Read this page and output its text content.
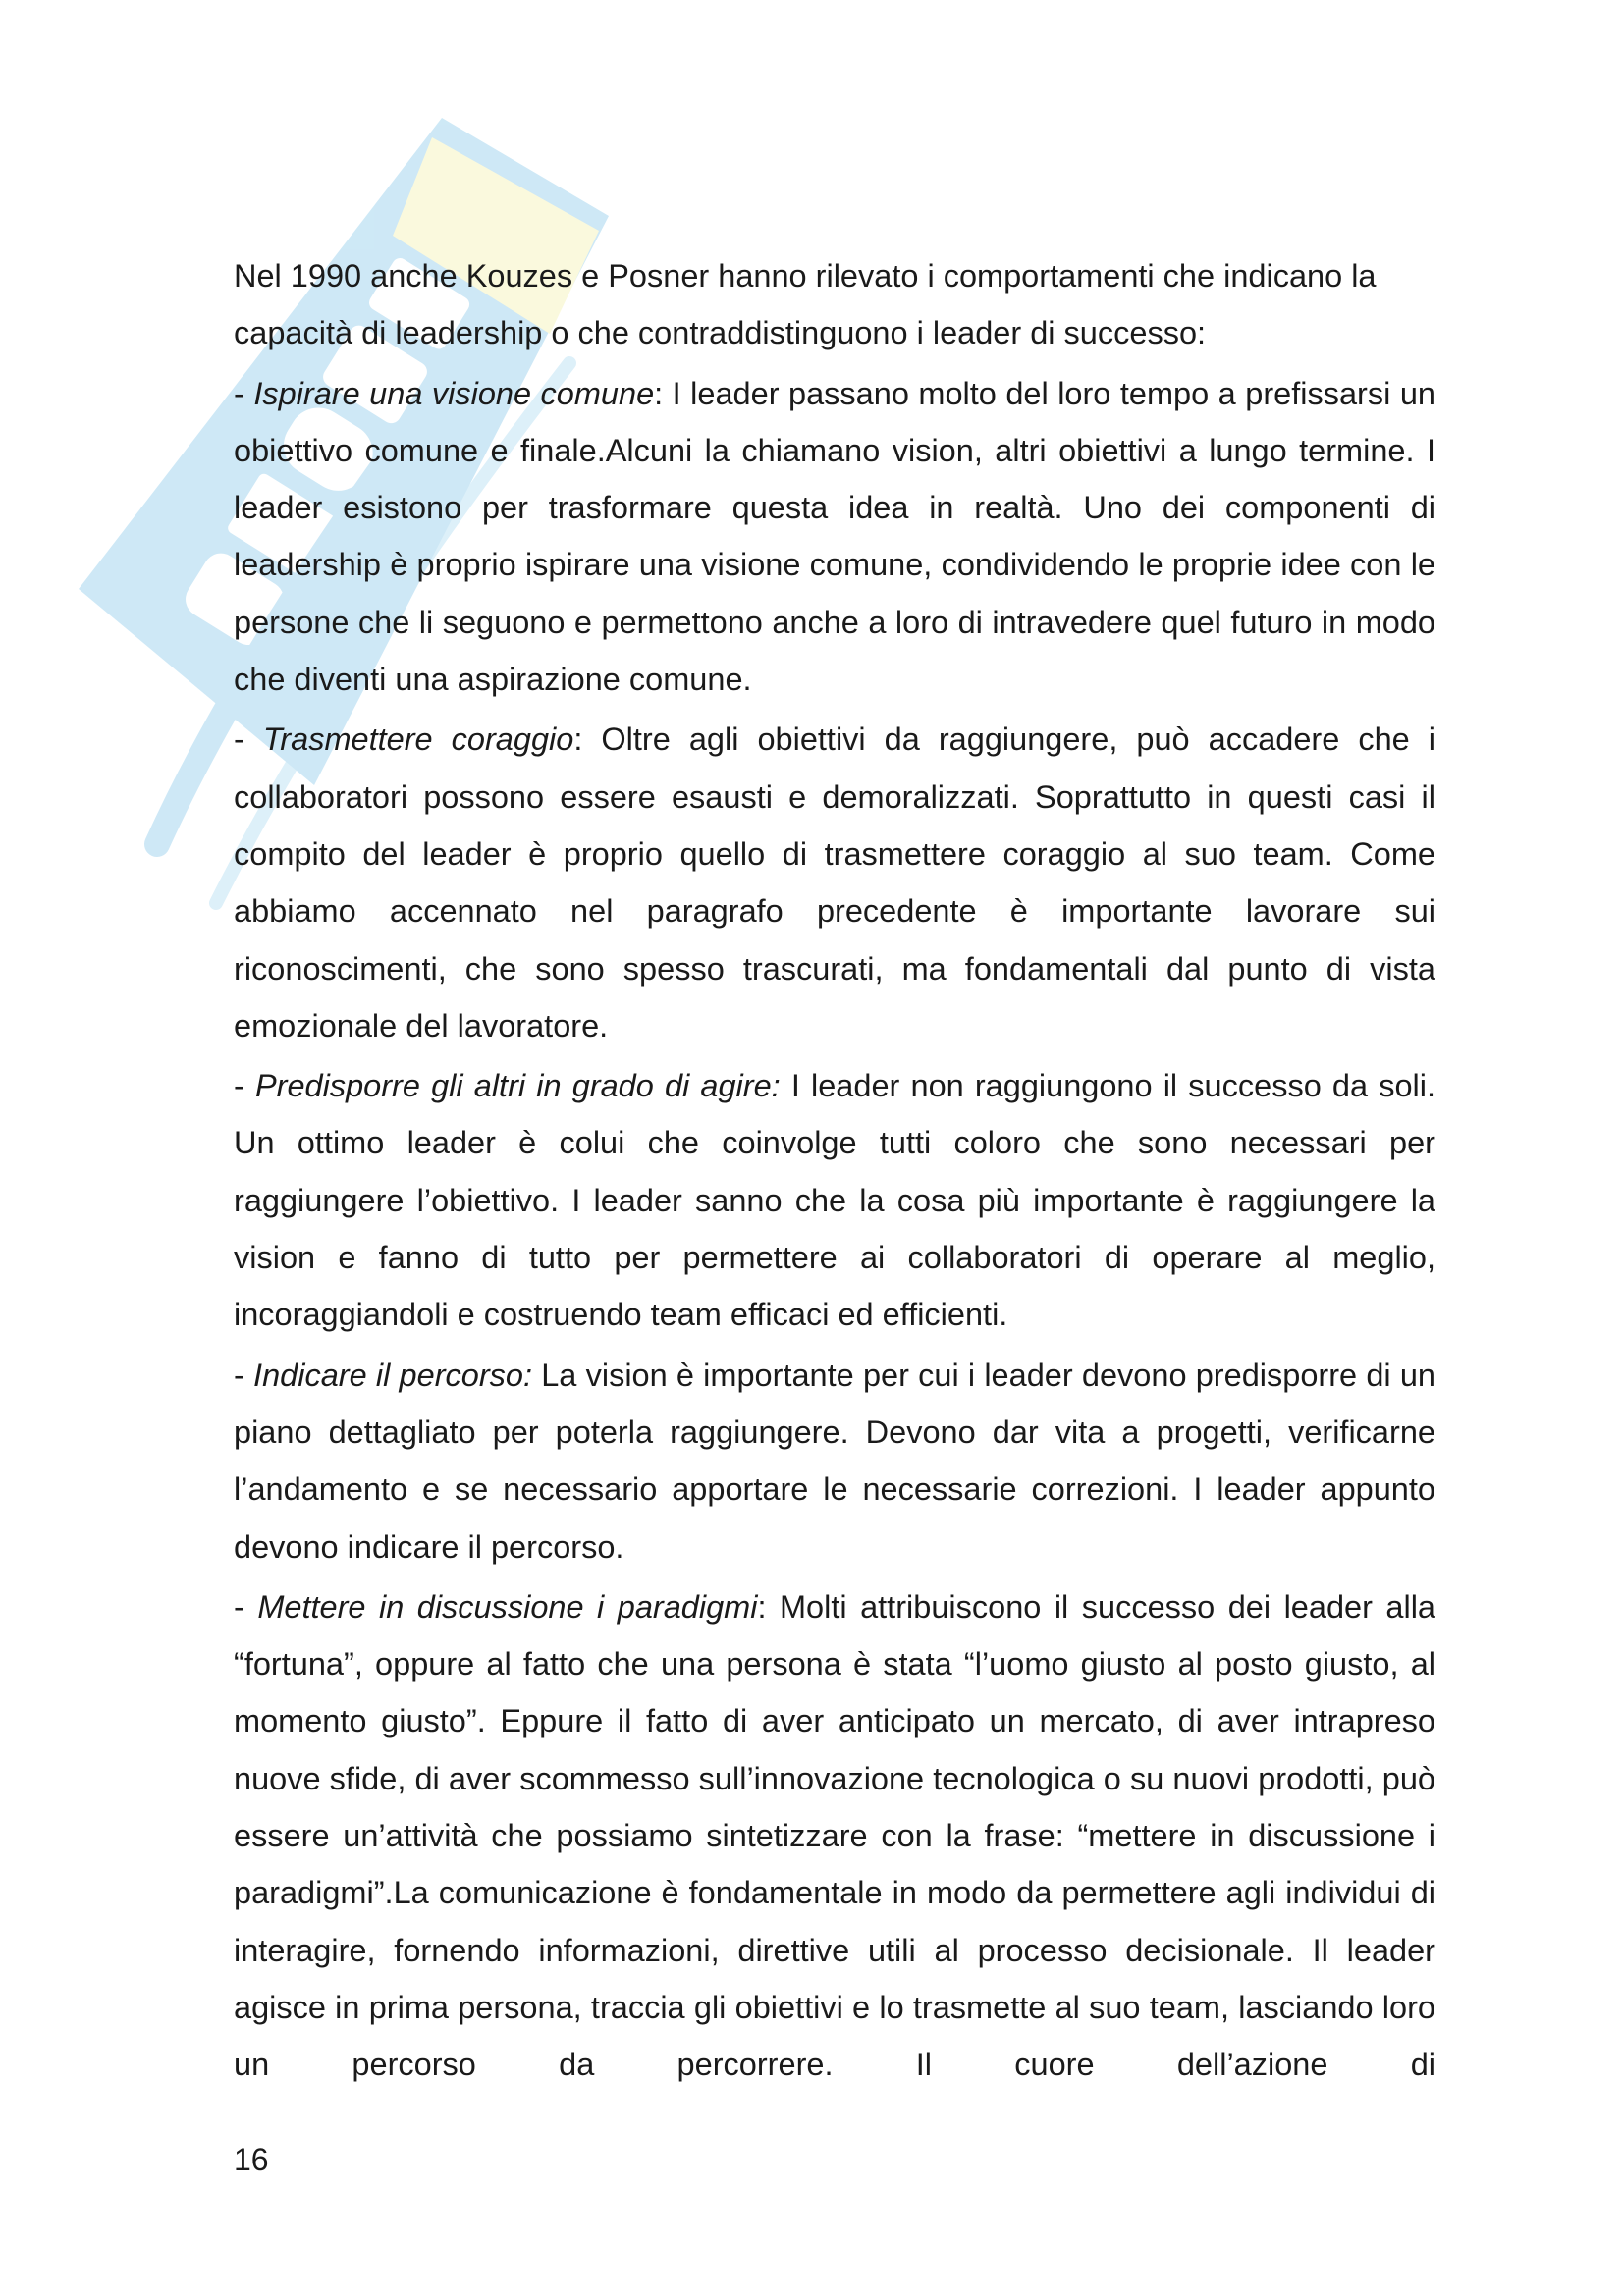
Nel 1990 anche Kouzes e Posner hanno rilevato i comportamenti che indicano la capacità di leadership o che contraddistinguono i leader di successo:

- Ispirare una visione comune: I leader passano molto del loro tempo a prefissarsi un obiettivo comune e finale.Alcuni la chiamano vision, altri obiettivi a lungo termine. I leader esistono per trasformare questa idea in realtà. Uno dei componenti di leadership è proprio ispirare una visione comune, condividendo le proprie idee con le persone che li seguono e permettono anche a loro di intravedere quel futuro in modo che diventi una aspirazione comune.

- Trasmettere coraggio: Oltre agli obiettivi da raggiungere, può accadere che i collaboratori possono essere esausti e demoralizzati. Soprattutto in questi casi il compito del leader è proprio quello di trasmettere coraggio al suo team. Come abbiamo accennato nel paragrafo precedente è importante lavorare sui riconoscimenti, che sono spesso trascurati, ma fondamentali dal punto di vista emozionale del lavoratore.

- Predisporre gli altri in grado di agire: I leader non raggiungono il successo da soli. Un ottimo leader è colui che coinvolge tutti coloro che sono necessari per raggiungere l’obiettivo. I leader sanno che la cosa più importante è raggiungere la vision e fanno di tutto per permettere ai collaboratori di operare al meglio, incoraggiandoli e costruendo team efficaci ed efficienti.

- Indicare il percorso: La vision è importante per cui i leader devono predisporre di un piano dettagliato per poterla raggiungere. Devono dar vita a progetti, verificarne l’andamento e se necessario apportare le necessarie correzioni. I leader appunto devono indicare il percorso.

- Mettere in discussione i paradigmi: Molti attribuiscono il successo dei leader alla “fortuna”, oppure al fatto che una persona è stata “l’uomo giusto al posto giusto, al momento giusto”. Eppure il fatto di aver anticipato un mercato, di aver intrapreso nuove sfide, di aver scommesso sull’innovazione tecnologica o su nuovi prodotti, può essere un’attività che possiamo sintetizzare con la frase: “mettere in discussione i paradigmi”.La comunicazione è fondamentale in modo da permettere agli individui di interagire, fornendo informazioni, direttive utili al processo decisionale. Il leader agisce in prima persona, traccia gli obiettivi e lo trasmette al suo team, lasciando loro un percorso da percorrere. Il cuore dell’azione di

16
